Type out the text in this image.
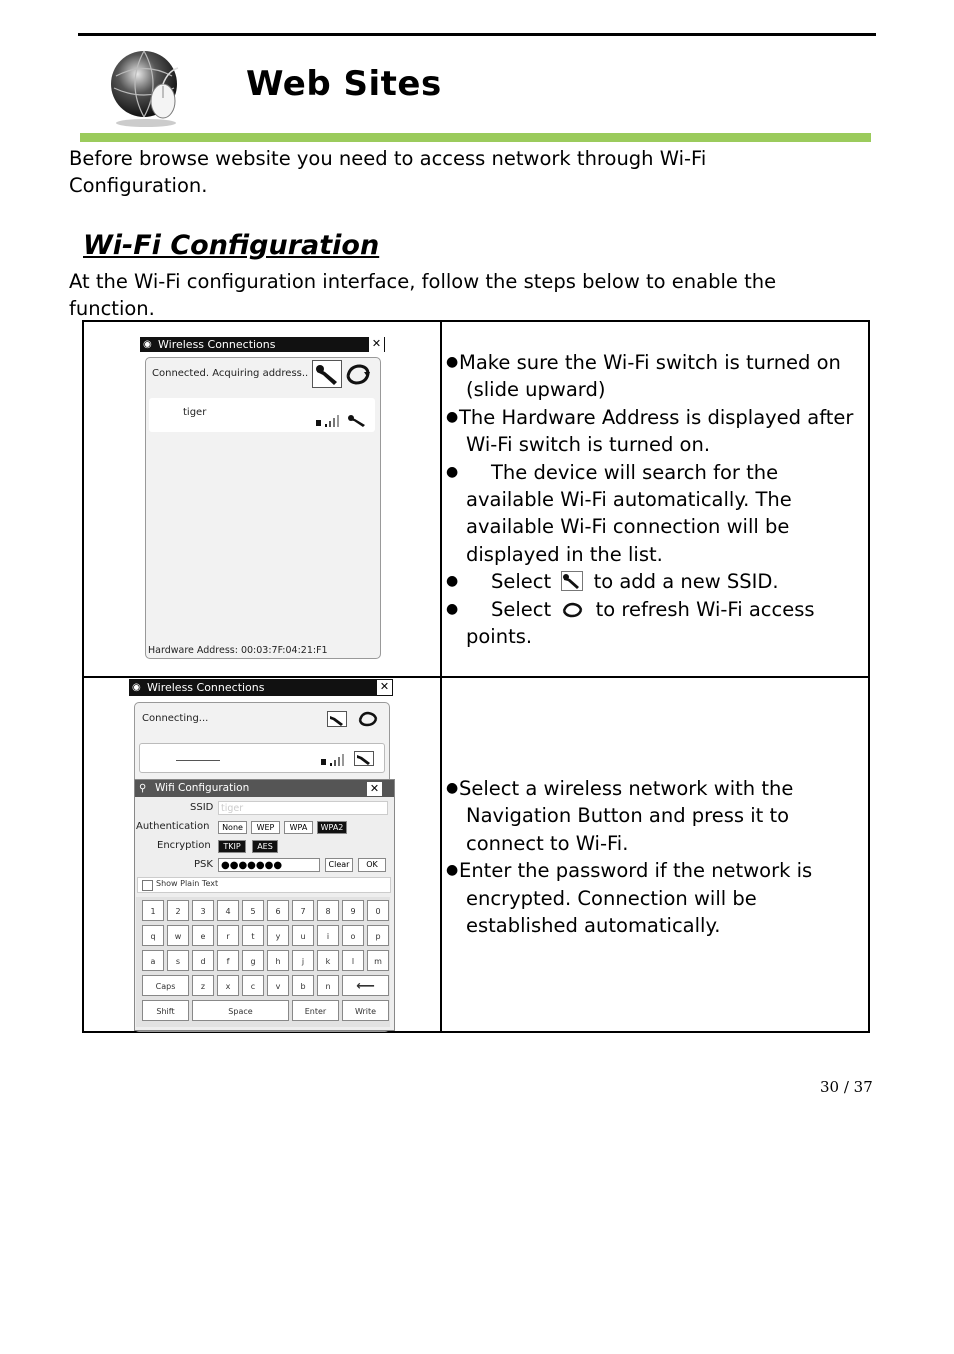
Web Sites
Before browse website you need to access network through Wi-Fi Configuration.
Wi-Fi Configuration
At the Wi-Fi configuration interface, follow the steps below to enable the function.
◉ Wireless Connections	✕
Connected. Acquiring address..
tiger
Hardware Address: 00:03:7F:04:21:F1
● Make sure the Wi-Fi switch is turned on (slide upward)
● The Hardware Address is displayed after Wi-Fi switch is turned on.
● The device will search for the available Wi-Fi automatically. The available Wi-Fi connection will be displayed in the list.
● Select to add a new SSID.
● Select to refresh Wi-Fi access points.
◉ Wireless Connections	✕
Connecting...
⚲ Wifi Configuration	✕
SSID tiger
Authentication	None	WEP	WPA	WPA2
Encryption	TKIP	AES
PSK ●●●●●●●	Clear	OK
Show Plain Text
1	2	3	4	5	6	7	8	9	0
q	w	e	r	t	y	u	i	o	p
a	s	d	f	g	h	j	k	l	m
Caps	z	x	c	v	b	n	⟵
Shift	Space	Enter	Write
● Select a wireless network with the Navigation Button and press it to connect to Wi-Fi.
● Enter the password if the network is encrypted. Connection will be established automatically.
30 / 37
